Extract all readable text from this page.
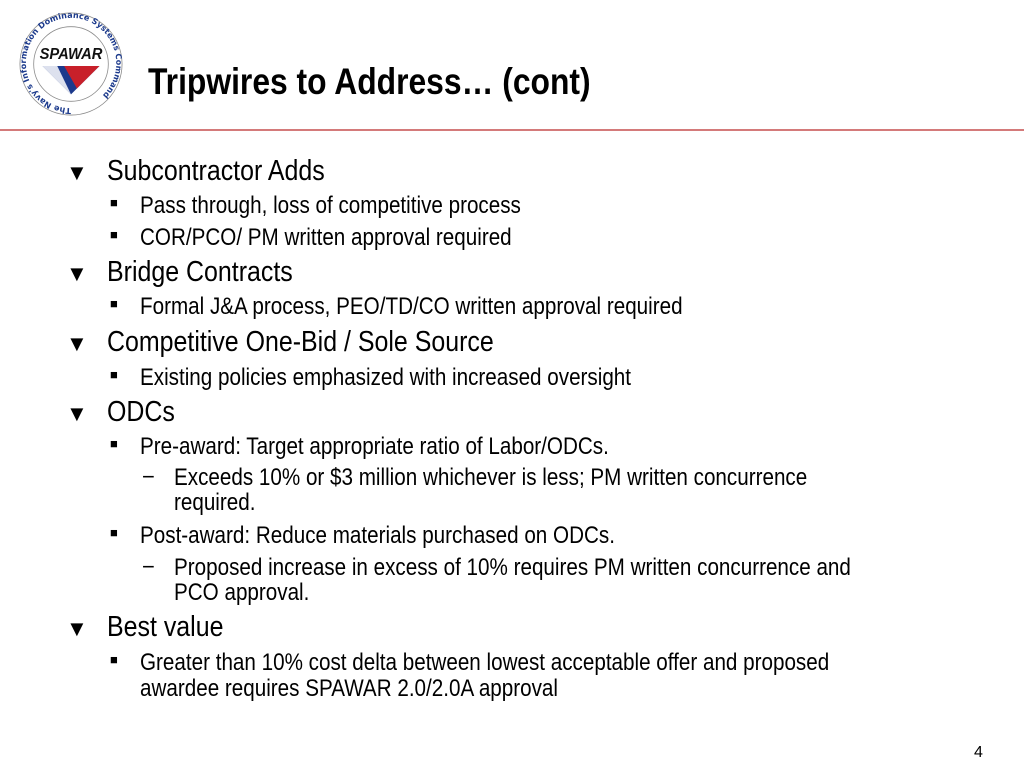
The Navy's Information Dominance Systems Command
SPAWAR
Tripwires to Address… (cont)
▼ Subcontractor Adds
■ Pass through, loss of competitive process
■ COR/PCO/ PM written approval required
▼ Bridge Contracts
■ Formal J&A process, PEO/TD/CO written approval required
▼ Competitive One-Bid / Sole Source
■ Existing policies emphasized with increased oversight
▼ ODCs
■ Pre-award: Target appropriate ratio of Labor/ODCs.
− Exceeds 10% or $3 million whichever is less; PM written concurrence
required.
■ Post-award: Reduce materials purchased on ODCs.
− Proposed increase in excess of 10% requires PM written concurrence and
PCO approval.
▼ Best value
■ Greater than 10% cost delta between lowest acceptable offer and proposed
awardee requires SPAWAR 2.0/2.0A approval
4
